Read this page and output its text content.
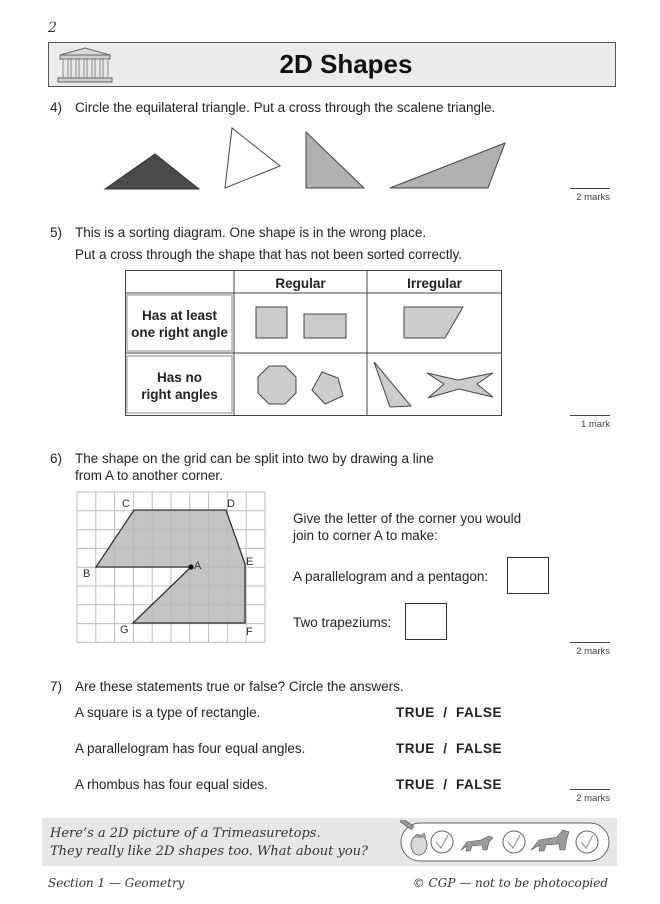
2
2D Shapes
4) Circle the equilateral triangle. Put a cross through the scalene triangle.
2 marks
5) This is a sorting diagram. One shape is in the wrong place.
Put a cross through the shape that has not been sorted correctly.
Regular	Irregular
Has at least
one right angle
Has no
right angles
1 mark
6) The shape on the grid can be split into two by drawing a line
from A to another corner.
C	D
E
A
B
G	F
Give the letter of the corner you would
join to corner A to make:
A parallelogram and a pentagon:
Two trapeziums:
2 marks
7) Are these statements true or false? Circle the answers.
A square is a type of rectangle.	TRUE  /  FALSE
A parallelogram has four equal angles.	TRUE  /  FALSE
A rhombus has four equal sides.	TRUE  /  FALSE
2 marks
Here’s a 2D picture of a Trimeasuretops.
They really like 2D shapes too. What about you?
Section 1 — Geometry	© CGP — not to be photocopied
